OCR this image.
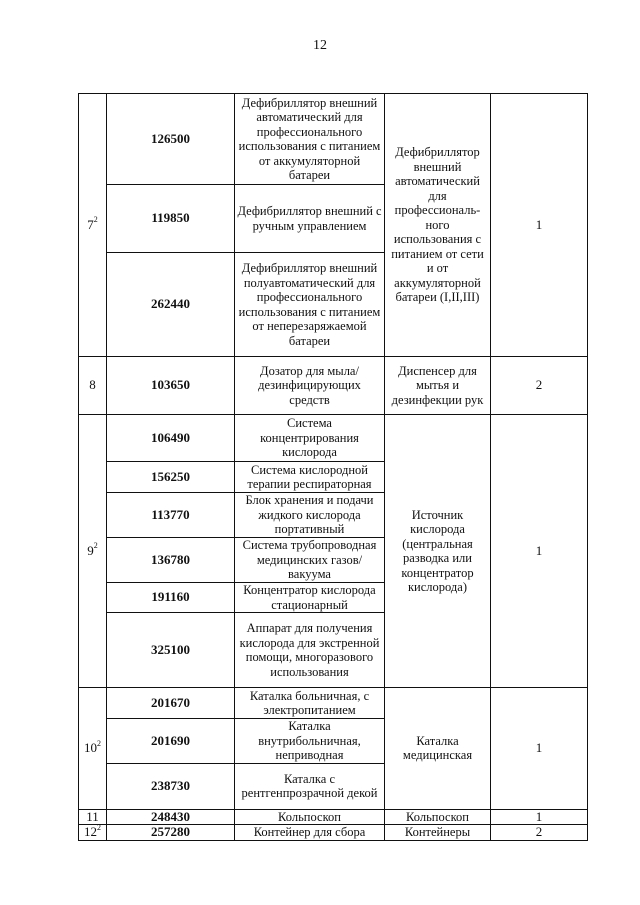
12
$7^2$	126500	Дефибриллятор внешний автоматический для профессионального использования с питанием от аккумуляторной батареи	Дефибриллятор внешний автоматический для профессиональ-ного использования с питанием от сети и от аккумуляторной батареи (I,II,III)	1
	119850	Дефибриллятор внешний с ручным управлением		
	262440	Дефибриллятор внешний полуавтоматический для профессионального использования с питанием от неперезаряжаемой батареи		
8	103650	Дозатор для мыла/ дезинфицирующих средств	Диспенсер для мытья и дезинфекции рук	2
$9^2$	106490	Система концентрирования кислорода	Источник кислорода (центральная разводка или концентратор кислорода)	1
	156250	Система кислородной терапии респираторная		
	113770	Блок хранения и подачи жидкого кислорода портативный		
	136780	Система трубопроводная медицинских газов/вакуума		
	191160	Концентратор кислорода стационарный		
	325100	Аппарат для получения кислорода для экстренной помощи, многоразового использования		
$10^2$	201670	Каталка больничная, с электропитанием	Каталка медицинская	1
	201690	Каталка внутрибольничная, неприводная		
	238730	Каталка с рентгенпрозрачной декой		
11	248430	Кольпоскоп	Кольпоскоп	1
$12^2$	257280	Контейнер для сбора	Контейнеры	2
